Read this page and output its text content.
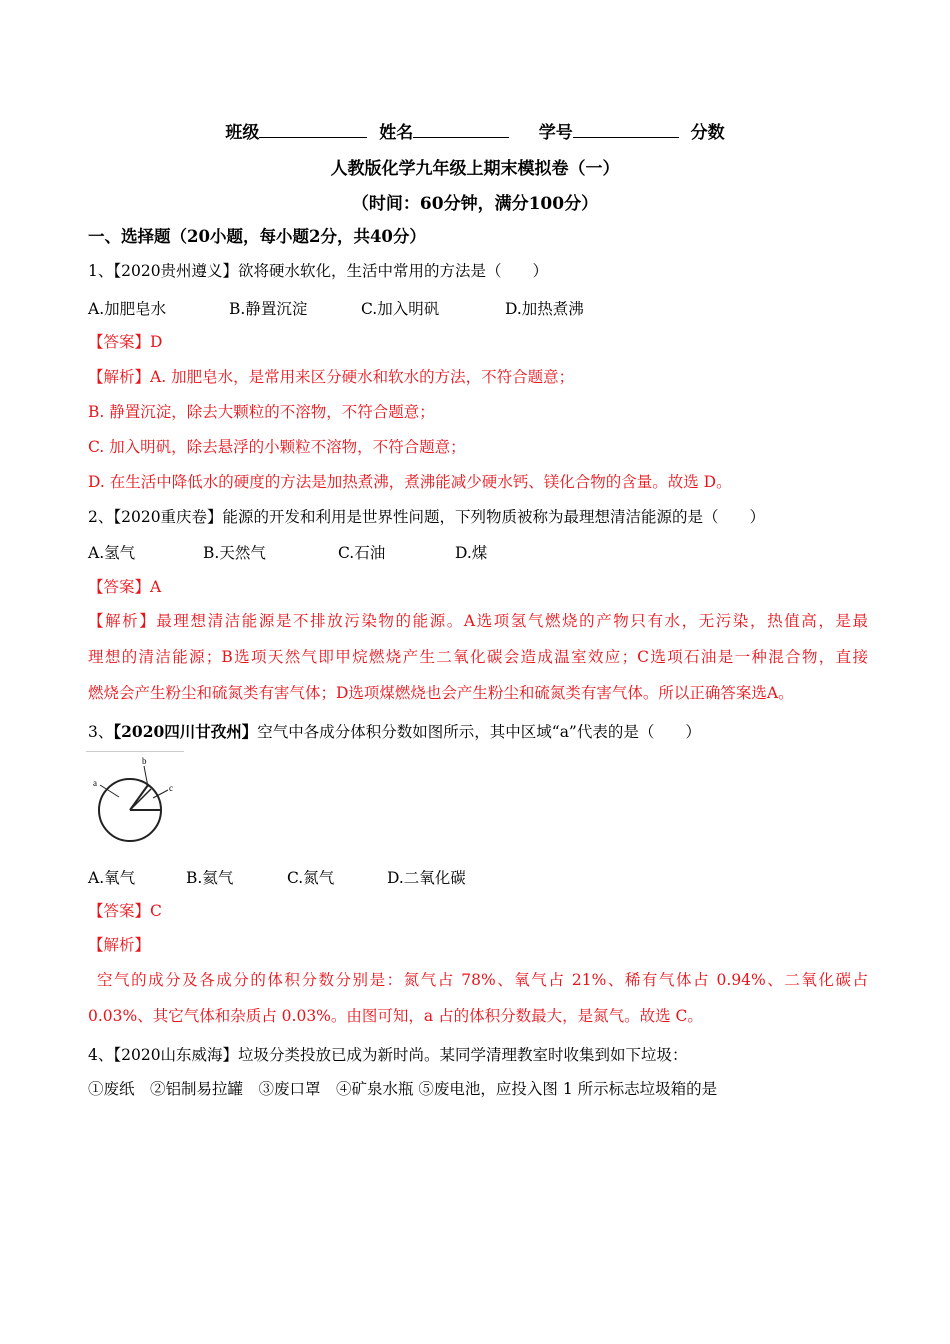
班级	姓名	学号	分数
人教版化学九年级上期末模拟卷（一）
（时间：60分钟，满分100分）
一、选择题（20小题，每小题2分，共40分）
1、【2020贵州遵义】欲将硬水软化，生活中常用的方法是（　　）
A.加肥皂水	B.静置沉淀	C.加入明矾	D.加热煮沸
【答案】D
【解析】A. 加肥皂水，是常用来区分硬水和软水的方法，不符合题意；
B. 静置沉淀，除去大颗粒的不溶物，不符合题意；
C. 加入明矾，除去悬浮的小颗粒不溶物，不符合题意；
D. 在生活中降低水的硬度的方法是加热煮沸，煮沸能减少硬水钙、镁化合物的含量。故选 D。
2、【2020重庆卷】能源的开发和利用是世界性问题，下列物质被称为最理想清洁能源的是（　　）
A.氢气	B.天然气	C.石油	D.煤
【答案】A
【解析】最理想清洁能源是不排放污染物的能源。A选项氢气燃烧的产物只有水，无污染，热值高，是最
理想的清洁能源；B选项天然气即甲烷燃烧产生二氧化碳会造成温室效应；C选项石油是一种混合物，直接
燃烧会产生粉尘和硫氮类有害气体；D选项煤燃烧也会产生粉尘和硫氮类有害气体。所以正确答案选A。
3、【2020四川甘孜州】空气中各成分体积分数如图所示，其中区域“a”代表的是（　　）
a
b
c
A.氧气	B.氦气	C.氮气	D.二氧化碳
【答案】C
【解析】
空气的成分及各成分的体积分数分别是：氮气占 78%、氧气占 21%、稀有气体占 0.94%、二氧化碳占
0.03%、其它气体和杂质占 0.03%。由图可知，a 占的体积分数最大，是氮气。故选 C。
4、【2020山东威海】垃圾分类投放已成为新时尚。某同学清理教室时收集到如下垃圾：
①废纸　②铝制易拉罐　③废口罩　④矿泉水瓶 ⑤废电池，应投入图 1 所示标志垃圾箱的是
